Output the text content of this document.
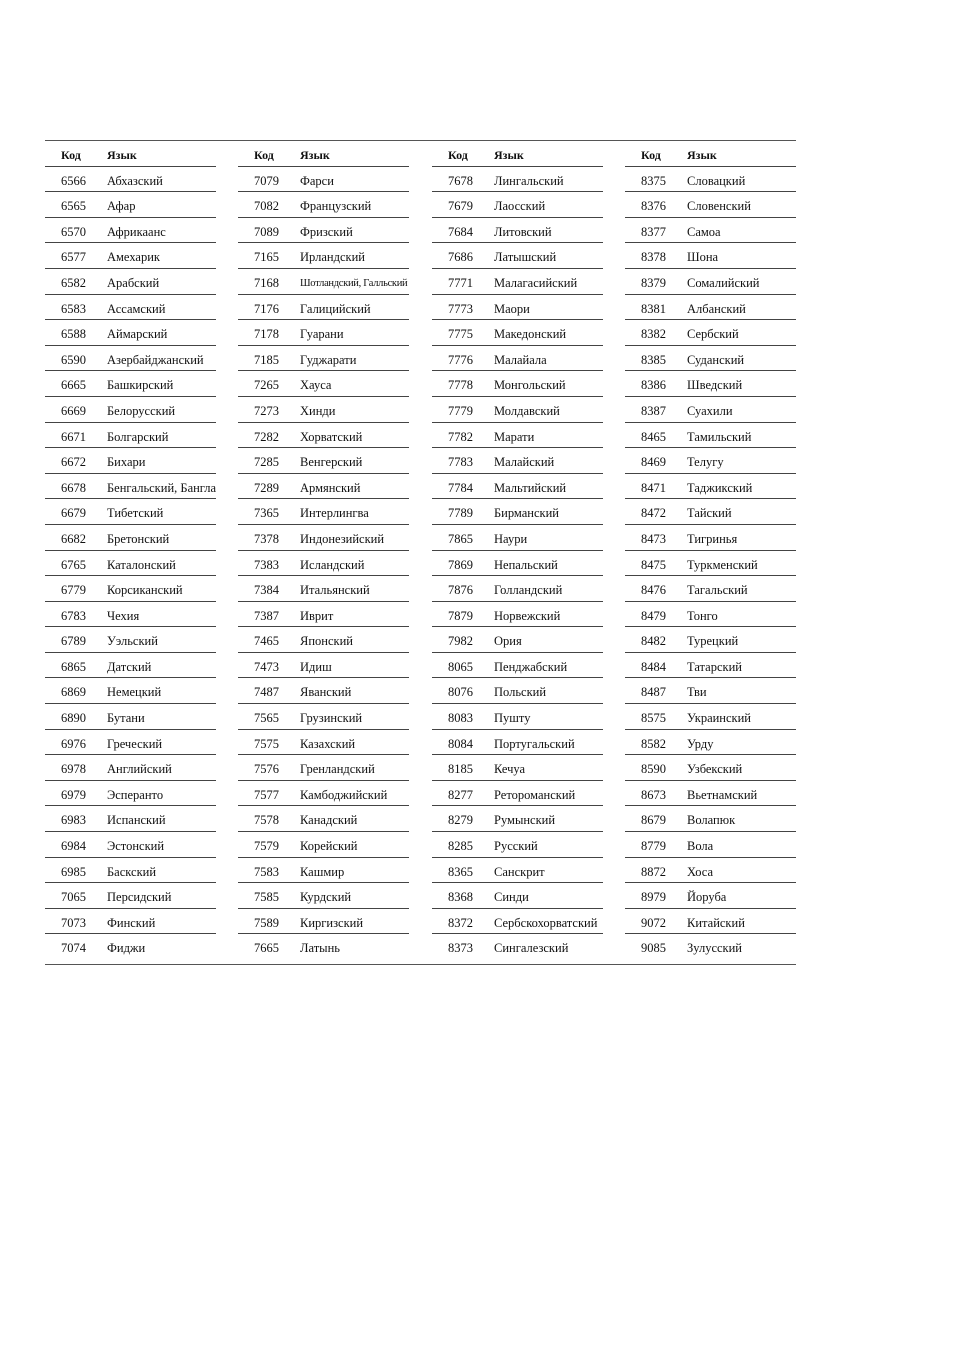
Код Язык
6566 Абхазский
6565 Афар
6570 Африкаанс
6577 Амехарик
6582 Арабский
6583 Ассамский
6588 Аймарский
6590 Азербайджанский
6665 Башкирский
6669 Белорусский
6671 Болгарский
6672 Бихари
6678 Бенгальский, Бангла
6679 Тибетский
6682 Бретонский
6765 Каталонский
6779 Корсиканский
6783 Чехия
6789 Уэльский
6865 Датский
6869 Немецкий
6890 Бутани
6976 Греческий
6978 Английский
6979 Эсперанто
6983 Испанский
6984 Эстонский
6985 Баскский
7065 Персидский
7073 Финский
7074 Фиджи
Код Язык
7079 Фарси
7082 Французский
7089 Фризский
7165 Ирландский
7168 Шотландский, Галльский
7176 Галицийский
7178 Гуарани
7185 Гуджарати
7265 Хауса
7273 Хинди
7282 Хорватский
7285 Венгерский
7289 Армянский
7365 Интерлингва
7378 Индонезийский
7383 Исландский
7384 Итальянский
7387 Иврит
7465 Японский
7473 Идиш
7487 Яванский
7565 Грузинский
7575 Казахский
7576 Гренландский
7577 Камбоджийский
7578 Канадский
7579 Корейский
7583 Кашмир
7585 Курдский
7589 Киргизский
7665 Латынь
Код Язык
7678 Лингальский
7679 Лаосский
7684 Литовский
7686 Латышский
7771 Малагасийский
7773 Маори
7775 Македонский
7776 Малайала
7778 Монгольский
7779 Молдавский
7782 Марати
7783 Малайский
7784 Мальтийский
7789 Бирманский
7865 Наури
7869 Непальский
7876 Голландский
7879 Норвежский
7982 Ория
8065 Пенджабский
8076 Польский
8083 Пушту
8084 Португальский
8185 Кечуа
8277 Ретороманский
8279 Румынский
8285 Русский
8365 Санскрит
8368 Синди
8372 Сербскохорватский
8373 Сингалезский
Код Язык
8375 Словацкий
8376 Словенский
8377 Самоа
8378 Шона
8379 Сомалийский
8381 Албанский
8382 Сербский
8385 Суданский
8386 Шведский
8387 Суахили
8465 Тамильский
8469 Телугу
8471 Таджикский
8472 Тайский
8473 Тигринья
8475 Туркменский
8476 Тагальский
8479 Тонго
8482 Турецкий
8484 Татарский
8487 Тви
8575 Украинский
8582 Урду
8590 Узбекский
8673 Вьетнамский
8679 Волапюк
8779 Вола
8872 Хоса
8979 Йоруба
9072 Китайский
9085 Зулусский
